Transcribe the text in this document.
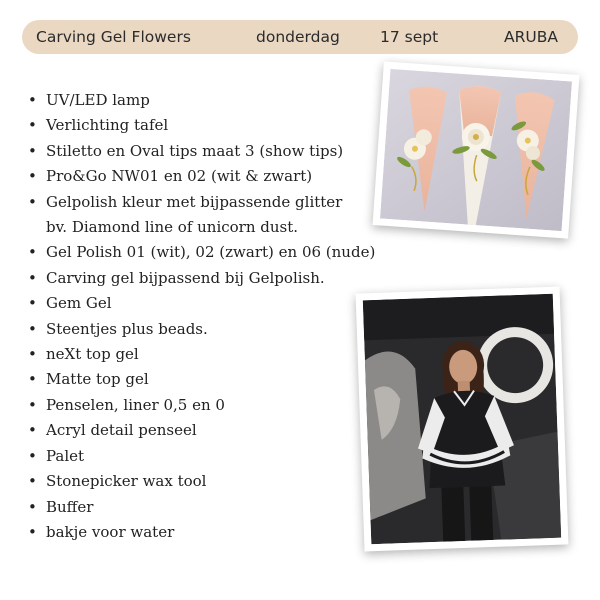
Carving Gel Flowers	donderdag	17 sept	ARUBA
• UV/LED lamp
• Verlichting tafel
• Stiletto en Oval tips maat 3 (show tips)
• Pro&Go NW01 en 02 (wit & zwart)
• Gelpolish kleur met bijpassende glitter
bv. Diamond line of unicorn dust.
• Gel Polish 01 (wit), 02 (zwart) en 06 (nude)
• Carving gel bijpassend bij Gelpolish.
• Gem Gel
• Steentjes plus beads.
• neXt top gel
• Matte top gel
• Penselen, liner 0,5 en 0
• Acryl detail penseel
• Palet
• Stonepicker wax tool
• Buffer
• bakje voor water
